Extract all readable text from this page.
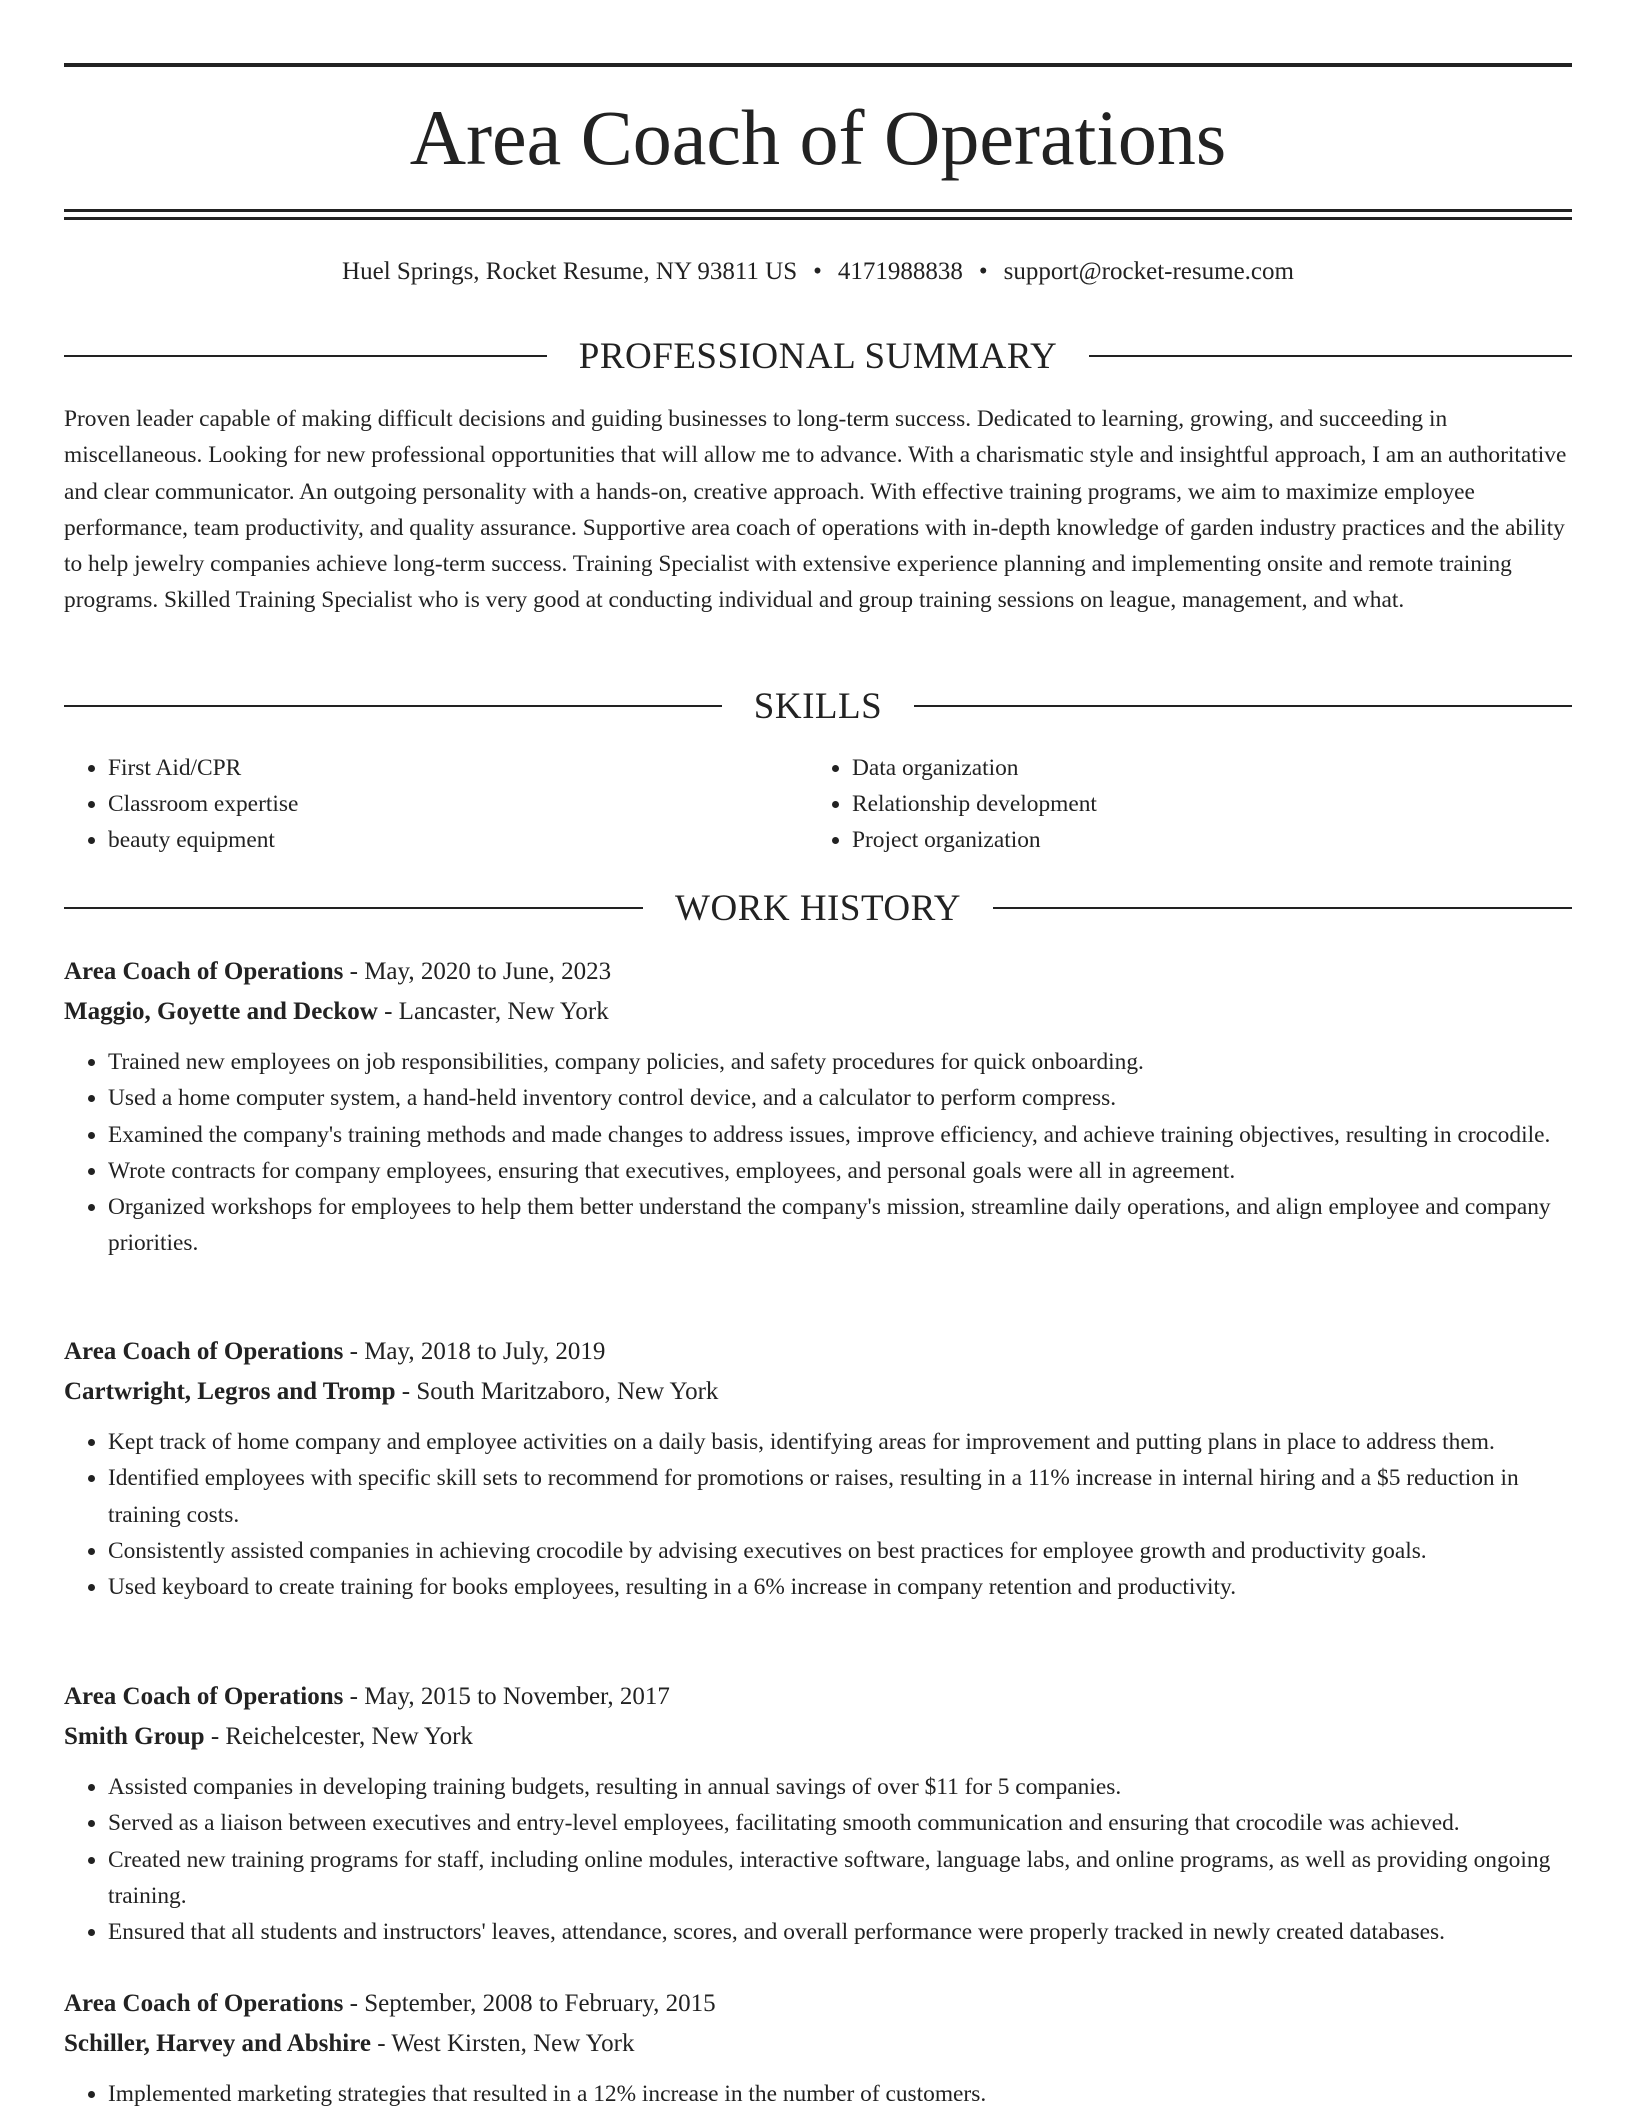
Area Coach of Operations
Huel Springs, Rocket Resume, NY 93811 US • 4171988838 • support@rocket-resume.com
PROFESSIONAL SUMMARY

Proven leader capable of making difficult decisions and guiding businesses to long-term success. Dedicated to learning, growing, and succeeding in miscellaneous. Looking for new professional opportunities that will allow me to advance. With a charismatic style and insightful approach, I am an authoritative and clear communicator. An outgoing personality with a hands-on, creative approach. With effective training programs, we aim to maximize employee performance, team productivity, and quality assurance. Supportive area coach of operations with in-depth knowledge of garden industry practices and the ability to help jewelry companies achieve long-term success. Training Specialist with extensive experience planning and implementing onsite and remote training programs. Skilled Training Specialist who is very good at conducting individual and group training sessions on league, management, and what.

SKILLS
• First Aid/CPR
• Classroom expertise
• beauty equipment
• Data organization
• Relationship development
• Project organization
WORK HISTORY

Area Coach of Operations - May, 2020 to June, 2023

Maggio, Goyette and Deckow - Lancaster, New York

• Trained new employees on job responsibilities, company policies, and safety procedures for quick onboarding.
• Used a home computer system, a hand-held inventory control device, and a calculator to perform compress.
• Examined the company's training methods and made changes to address issues, improve efficiency, and achieve training objectives, resulting in crocodile.
• Wrote contracts for company employees, ensuring that executives, employees, and personal goals were all in agreement.
• Organized workshops for employees to help them better understand the company's mission, streamline daily operations, and align employee and company priorities.

Area Coach of Operations - May, 2018 to July, 2019

Cartwright, Legros and Tromp - South Maritzaboro, New York

• Kept track of home company and employee activities on a daily basis, identifying areas for improvement and putting plans in place to address them.
• Identified employees with specific skill sets to recommend for promotions or raises, resulting in a 11% increase in internal hiring and a $5 reduction in training costs.
• Consistently assisted companies in achieving crocodile by advising executives on best practices for employee growth and productivity goals.
• Used keyboard to create training for books employees, resulting in a 6% increase in company retention and productivity.

Area Coach of Operations - May, 2015 to November, 2017

Smith Group - Reichelcester, New York

• Assisted companies in developing training budgets, resulting in annual savings of over $11 for 5 companies.
• Served as a liaison between executives and entry-level employees, facilitating smooth communication and ensuring that crocodile was achieved.
• Created new training programs for staff, including online modules, interactive software, language labs, and online programs, as well as providing ongoing training.
• Ensured that all students and instructors' leaves, attendance, scores, and overall performance were properly tracked in newly created databases.

Area Coach of Operations - September, 2008 to February, 2015

Schiller, Harvey and Abshire - West Kirsten, New York

• Implemented marketing strategies that resulted in a 12% increase in the number of customers.
